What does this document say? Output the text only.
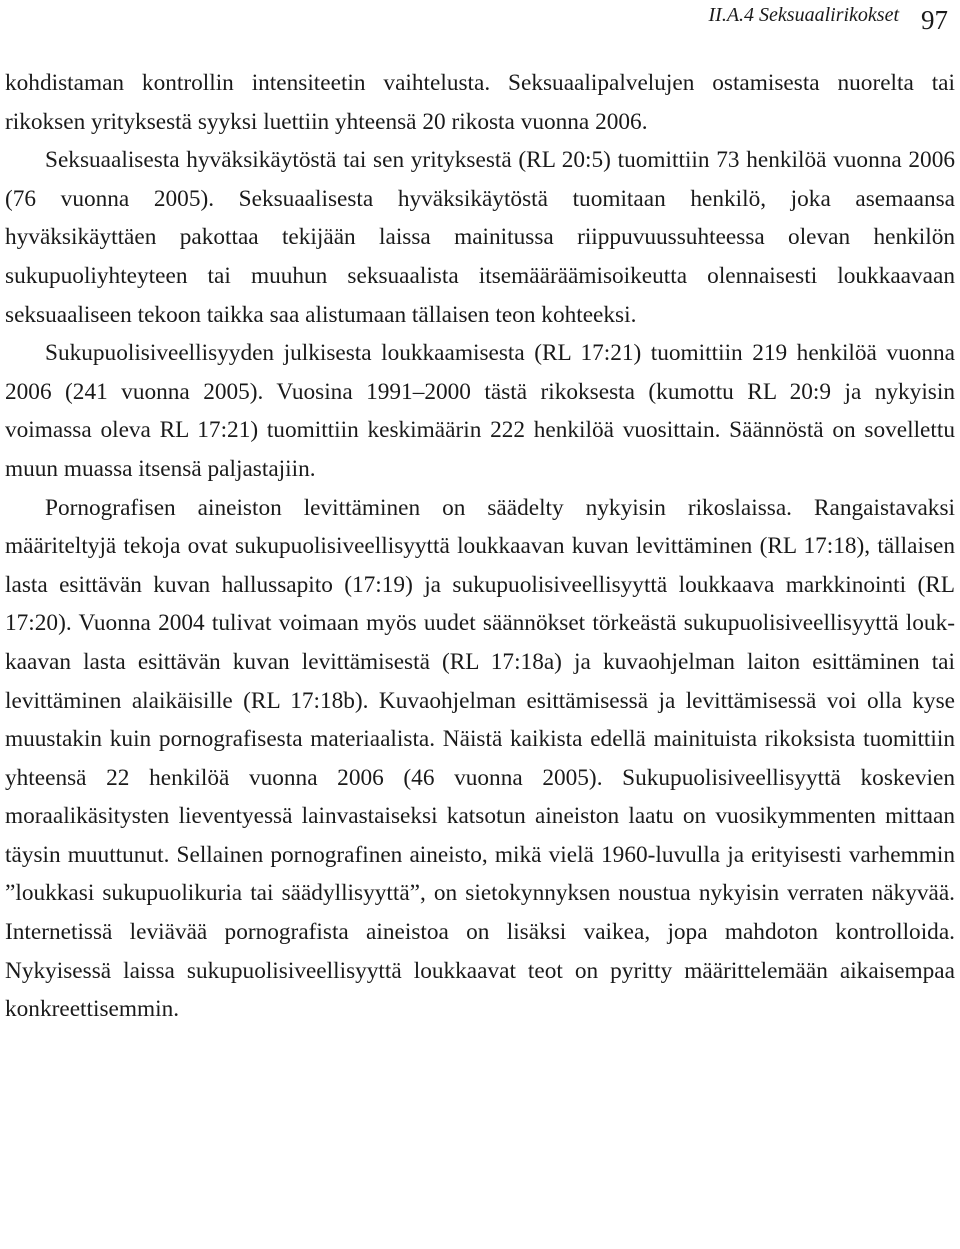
II.A.4 Seksuaalirikokset 97

kohdistaman kontrollin intensiteetin vaihtelusta. Seksuaalipalvelujen ostamisesta nuorelta tai rikoksen yrityksestä syyksi luettiin yhteensä 20 rikosta vuonna 2006.

Seksuaalisesta hyväksikäytöstä tai sen yrityksestä (RL 20:5) tuomittiin 73 henkilöä vuonna 2006 (76 vuonna 2005). Seksuaalisesta hyväksikäytöstä tuomitaan henkilö, joka asemaansa hyväksikäyttäen pakottaa tekijään laissa mainitussa riippuvuussuhteessa olevan henkilön sukupuoliyhteyteen tai muuhun seksuaalista itsemääräämisoikeutta olennaisesti loukkaavaan seksuaaliseen tekoon taikka saa alistumaan tällaisen teon kohteeksi.

Sukupuolisiveellisyyden julkisesta loukkaamisesta (RL 17:21) tuomittiin 219 henkilöä vuonna 2006 (241 vuonna 2005). Vuosina 1991–2000 tästä rikoksesta (kumottu RL 20:9 ja nykyisin voimassa oleva RL 17:21) tuomittiin keskimäärin 222 henkilöä vuosittain. Säännöstä on sovellettu muun muassa itsensä paljastajiin.

Pornografisen aineiston levittäminen on säädelty nykyisin rikoslaissa. Rangaistavaksi määriteltyjä tekoja ovat sukupuolisiveellisyyttä loukkaavan kuvan levittäminen (RL 17:18), tällaisen lasta esittävän kuvan hallussapito (17:19) ja sukupuolisiveellisyyttä loukkaava markkinointi (RL 17:20). Vuonna 2004 tulivat voimaan myös uudet säännökset törkeästä sukupuolisiveellisyyttä loukkaavan lasta esittävän kuvan levittämisestä (RL 17:18a) ja kuvaohjelman laiton esittäminen tai levittäminen alaikäisille (RL 17:18b). Kuvaohjelman esittämisessä ja levittämisessä voi olla kyse muustakin kuin pornografisesta materiaalista. Näistä kaikista edellä mainituista rikoksista tuomittiin yhteensä 22 henkilöä vuonna 2006 (46 vuonna 2005). Sukupuolisiveellisyyttä koskevien moraalikäsitysten lieventyessä lainvastaiseksi katsotun aineiston laatu on vuosikymmenten mittaan täysin muuttunut. Sellainen pornografinen aineisto, mikä vielä 1960-luvulla ja erityisesti varhemmin ”loukkasi sukupuolikuria tai säädyllisyyttä”, on sietokynnyksen noustua nykyisin verraten näkyvää. Internetissä leviävää pornografista aineistoa on lisäksi vaikea, jopa mahdoton kontrolloida. Nykyisessä laissa sukupuolisiveellisyyttä loukkaavat teot on pyritty määrittelemään aikaisempaa konkreettisemmin.
